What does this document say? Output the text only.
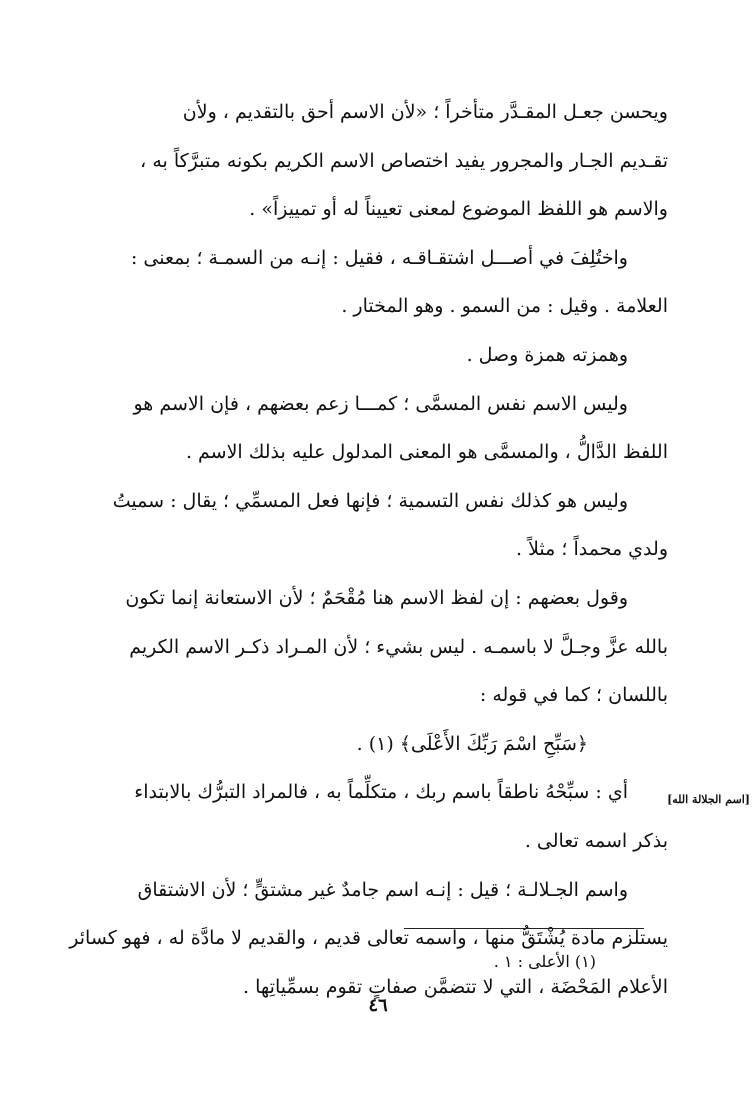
ويحسن جعـل المقـدَّر متأخراً ؛ «لأن الاسم أحق بالتقديم ، ولأن
تقـديم الجـار والمجرور يفيد اختصاص الاسم الكريم بكونه متبرَّكاً به ،
والاسم هو اللفظ الموضوع لمعنى تعييناً له أو تمييزاً» .
واختُلِفَ في أصـــل اشتقـاقـه ، فقيل : إنـه من السمـة ؛ بمعنى :
العلامة . وقيل : من السمو . وهو المختار .
وهمزته همزة وصل .
وليس الاسم نفس المسمَّى ؛ كمـــا زعم بعضهم ، فإن الاسم هو
اللفظ الدَّالُّ ، والمسمَّى هو المعنى المدلول عليه بذلك الاسم .
وليس هو كذلك نفس التسمية ؛ فإنها فعل المسمِّي ؛ يقال : سميتُ
ولدي محمداً ؛ مثلاً .
وقول بعضهم : إن لفظ الاسم هنا مُقْحَمٌ ؛ لأن الاستعانة إنما تكون
بالله عزَّ وجـلَّ لا باسمـه . ليس بشيء ؛ لأن المـراد ذكـر الاسم الكريم
باللسان ؛ كما في قوله :
﴿سَبِّحِ اسْمَ رَبِّكَ الأَعْلَى﴾ (١) .
أي : سبِّحْهُ ناطقاً باسم ربك ، متكلِّماً به ، فالمراد التبرُّك بالابتداء
بذكر اسمه تعالى .
واسم الجـلالـة ؛ قيل : إنـه اسم جامدٌ غير مشتقٍّ ؛ لأن الاشتقاق
يستلزم مادة يُشْتَقُّ منها ، واسمه تعالى قديم ، والقديم لا مادَّة له ، فهو كسائر
الأعلام المَحْضَة ، التي لا تتضمَّن صفاتٍ تقوم بسمِّياتِها .
[اسم الجلالة الله]
(١) الأعلى : ١ .
٤٦
